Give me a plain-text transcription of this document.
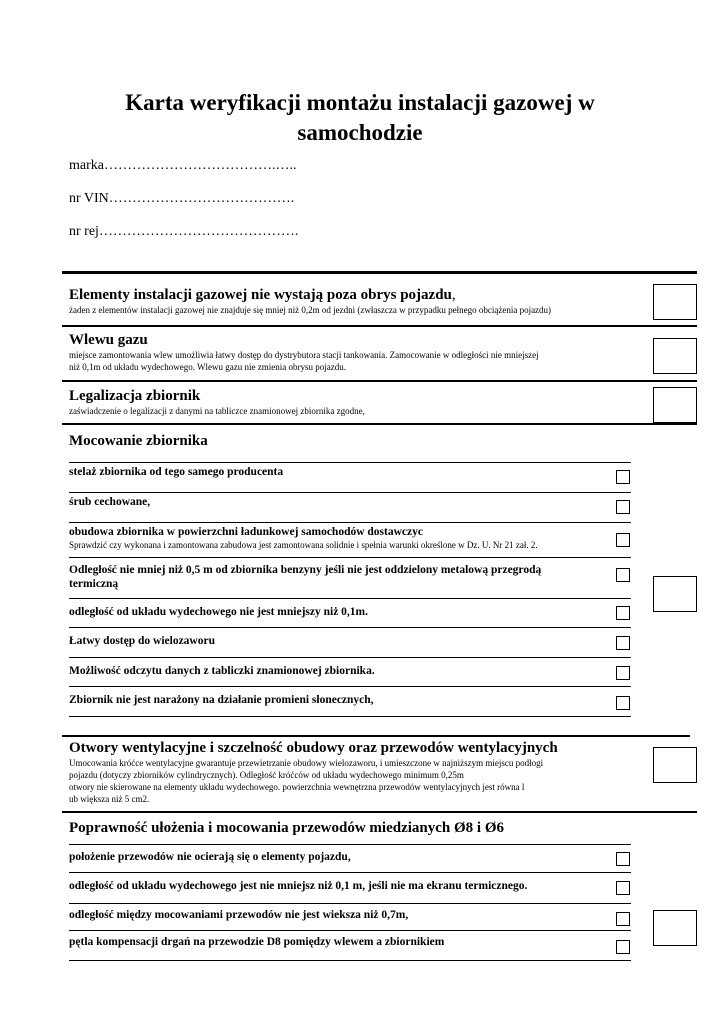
Karta weryfikacji montażu instalacji gazowej w samochodzie
marka……………………………….…..
nr VIN………………………………….
nr rej…………………………………….
Elementy instalacji gazowej nie wystają poza obrys pojazdu,
żaden z elementów instalacji gazowej nie znajduje się mniej niż 0,2m od jezdni (zwłaszcza w przypadku pełnego obciążenia pojazdu)
Wlewu gazu
miejsce zamontowania wlew umożliwia łatwy dostęp do dystrybutora stacji tankowania. Zamocowanie w odległości nie mniejszej
niż 0,1m od układu wydechowego. Wlewu gazu nie zmienia obrysu pojazdu.
Legalizacja zbiornik
zaświadczenie o legalizacji z danymi na tabliczce znamionowej zbiornika zgodne,
Mocowanie zbiornika
stelaż zbiornika od tego samego producenta
śrub cechowane,
obudowa zbiornika w powierzchni ładunkowej samochodów dostawczyc
Sprawdzić czy wykonana i zamontowana zabudowa jest zamontowana solidnie i spełnia warunki określone w Dz. U. Nr 21 zał. 2.
Odległość nie mniej niż 0,5 m od zbiornika benzyny jeśli nie jest oddzielony metalową przegrodą
termiczną
odległość od układu wydechowego nie jest mniejszy niż 0,1m.
Łatwy dostęp do wielozaworu
Możliwość odczytu danych z tabliczki znamionowej zbiornika.
Zbiornik nie jest narażony na działanie promieni słonecznych,
Otwory wentylacyjne i szczelność obudowy oraz przewodów wentylacyjnych
Umocowania króćce wentylacyjne gwarantuje przewietrzanie obudowy wielozaworu, i umieszczone w najniższym miejscu podłogi
pojazdu (dotyczy zbiorników cylindrycznych). Odległość króćców od układu wydechowego minimum 0,25m
otwory nie skierowane na elementy układu wydechowego. powierzchnia wewnętrzna przewodów wentylacyjnych jest równa l
ub większa niż 5 cm2.
Poprawność ułożenia i mocowania przewodów miedzianych Ø8 i Ø6
położenie przewodów nie ocierają się o elementy pojazdu,
odległość od układu wydechowego jest nie mniejsz niż 0,1 m, jeśli nie ma ekranu termicznego.
odległość między mocowaniami przewodów nie jest wieksza niż 0,7m,
pętla kompensacji drgań na przewodzie D8 pomiędzy wlewem a zbiornikiem
